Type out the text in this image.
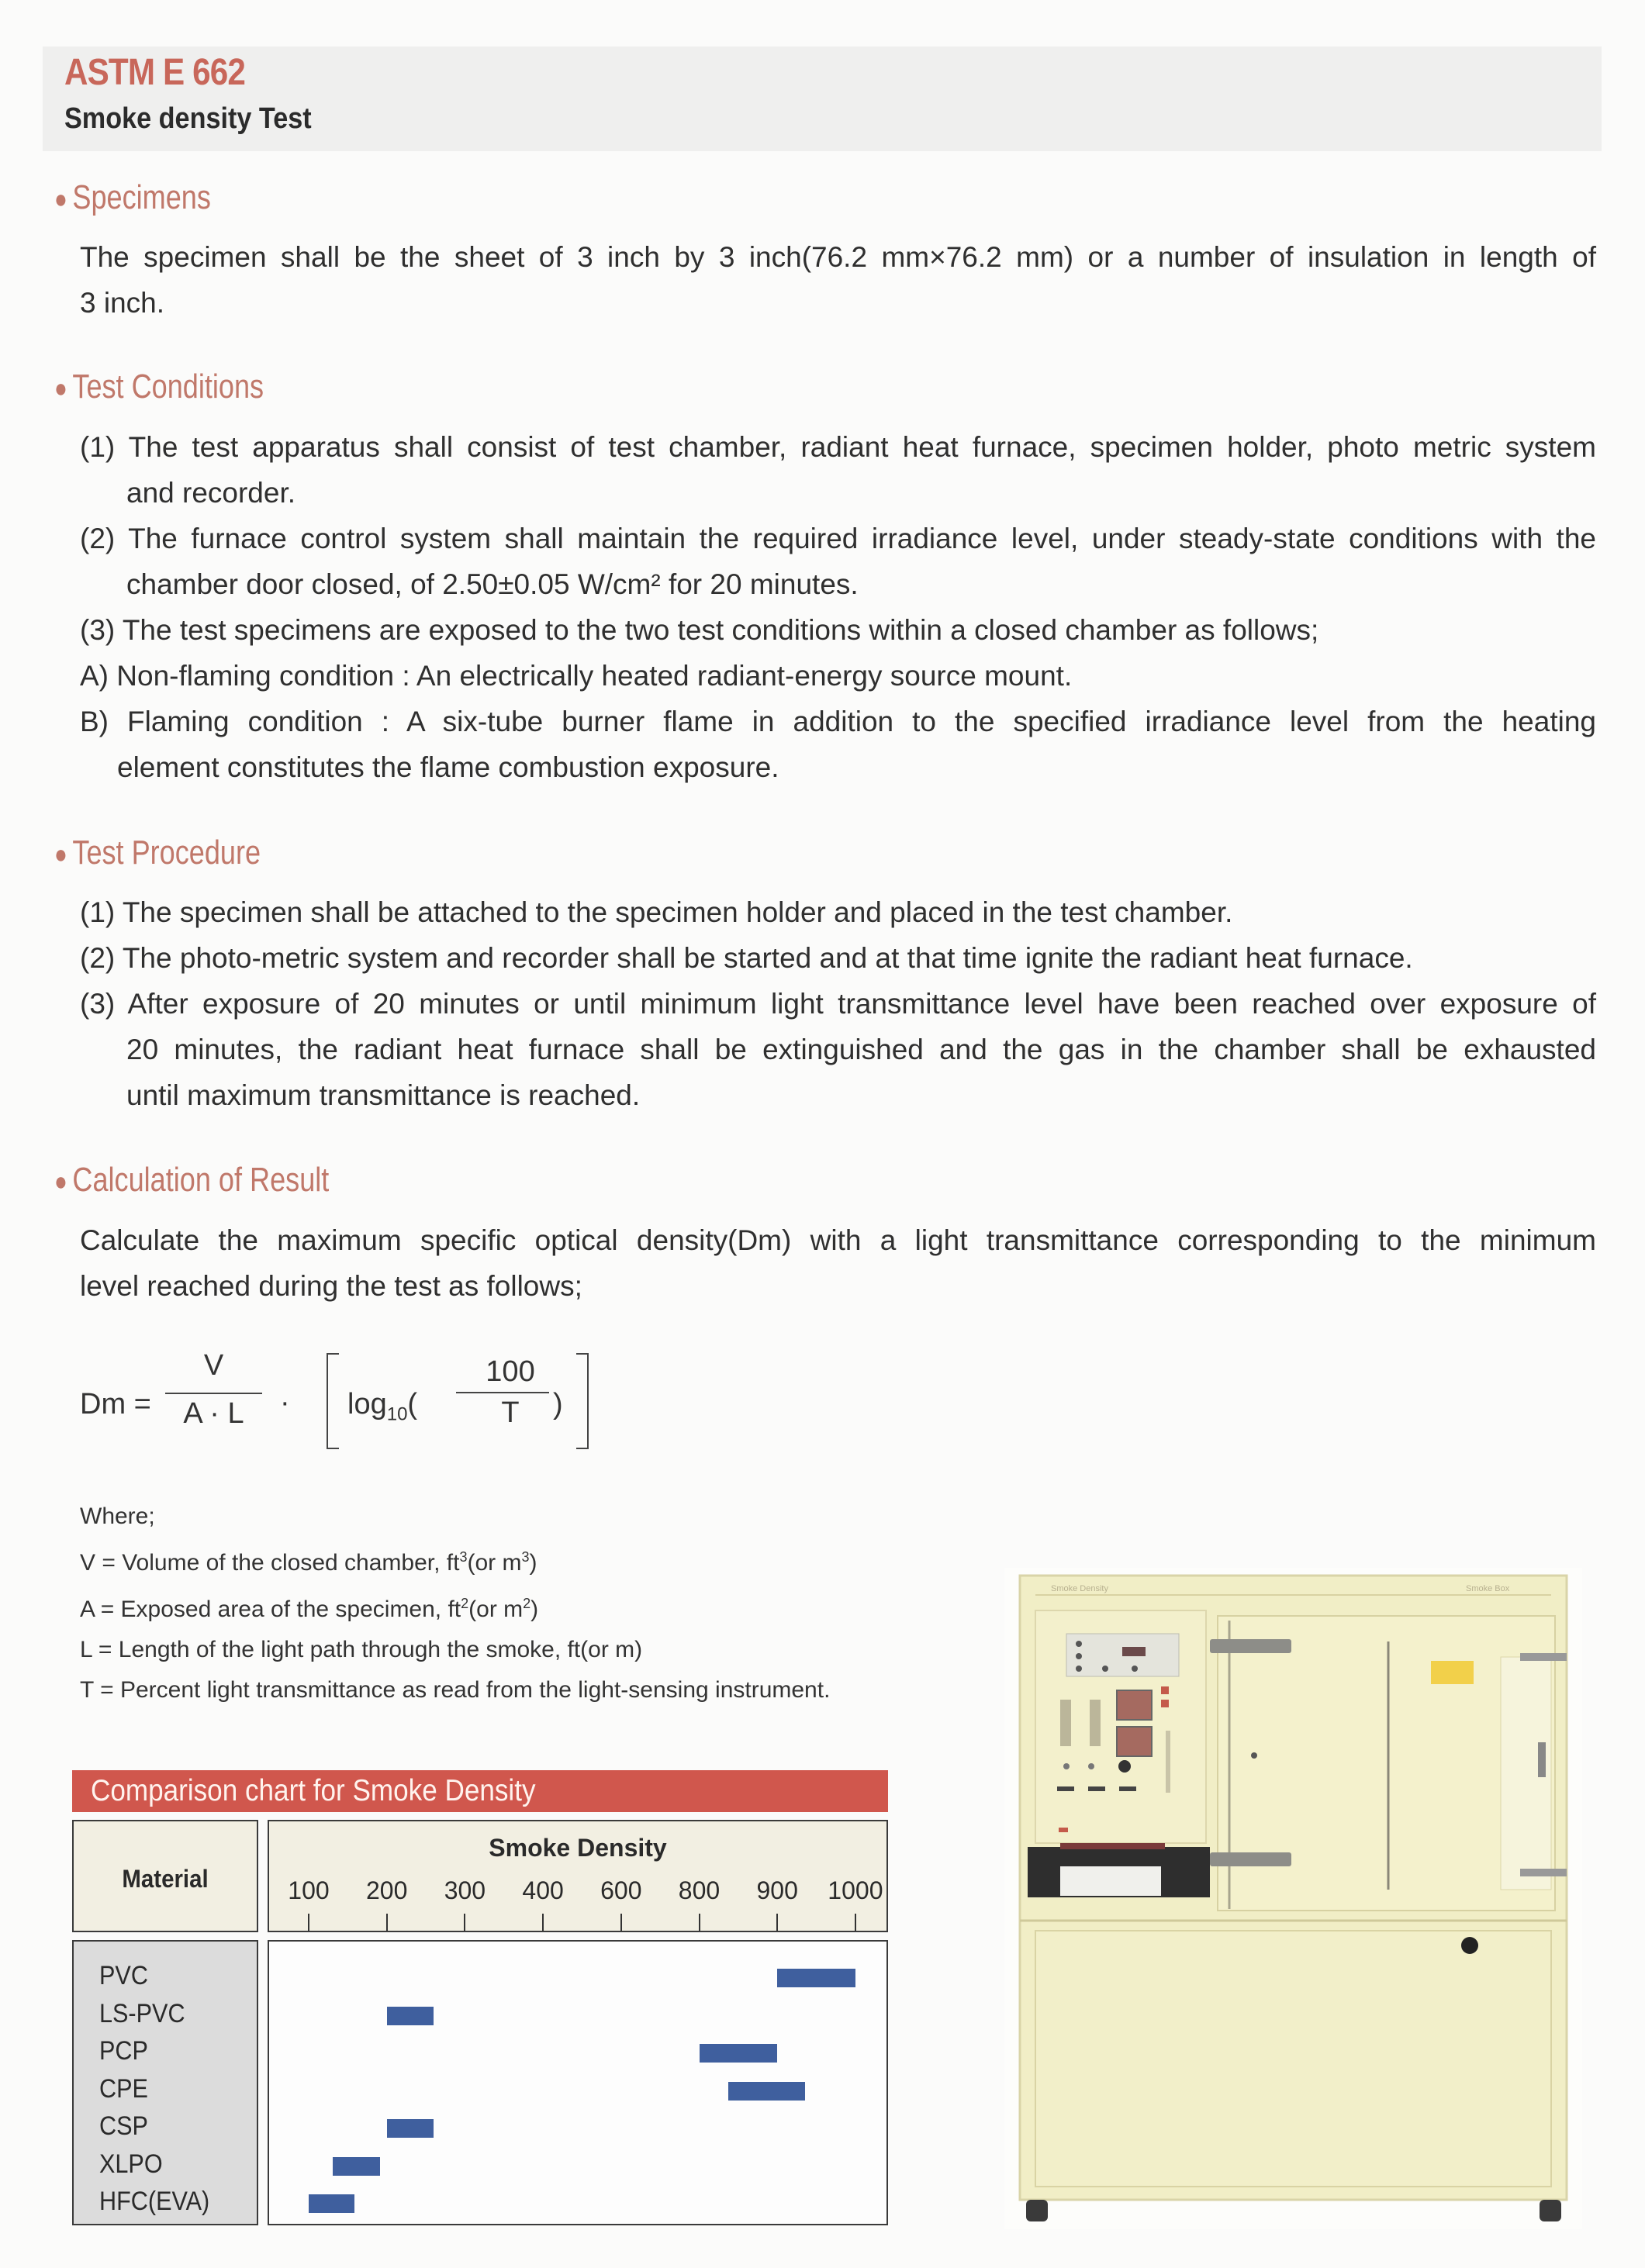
ASTM E 662
Smoke density Test
● Specimens
The specimen shall be the sheet of 3 inch by 3 inch(76.2 mm×76.2 mm) or a number of insulation in length of
3 inch.
● Test Conditions
(1) The test apparatus shall consist of test chamber, radiant heat furnace, specimen holder, photo metric system
and recorder.
(2) The furnace control system shall maintain the required irradiance level, under steady-state conditions with the
chamber door closed, of 2.50±0.05 W/cm² for 20 minutes.
(3) The test specimens are exposed to the two test conditions within a closed chamber as follows;
A) Non-flaming condition : An electrically heated radiant-energy source mount.
B) Flaming condition : A six-tube burner flame in addition to the specified irradiance level from the heating
element constitutes the flame combustion exposure.
● Test Procedure
(1) The specimen shall be attached to the specimen holder and placed in the test chamber.
(2) The photo-metric system and recorder shall be started and at that time ignite the radiant heat furnace.
(3) After exposure of 20 minutes or until minimum light transmittance level have been reached over exposure of
20 minutes, the radiant heat furnace shall be extinguished and the gas in the chamber shall be exhausted
until maximum transmittance is reached.
● Calculation of Result
Calculate the maximum specific optical density(Dm) with a light transmittance corresponding to the minimum
level reached during the test as follows;
Dm =
V
A · L	· $\log_{10}$(
100
T	)
Where;
V = Volume of the closed chamber, $ft^3(or$ $m^3$)
A = Exposed area of the specimen, $ft^2(or$ $m^2$)
L = Length of the light path through the smoke, ft(or m)
T = Percent light transmittance as read from the light-sensing instrument.
Comparison chart for Smoke Density
Material
Smoke Density
100 200 300 400 600 800 900 1000
PVC
LS-PVC
PCP
CPE
CSP
XLPO
HFC(EVA)
Smoke Density	Smoke Box
